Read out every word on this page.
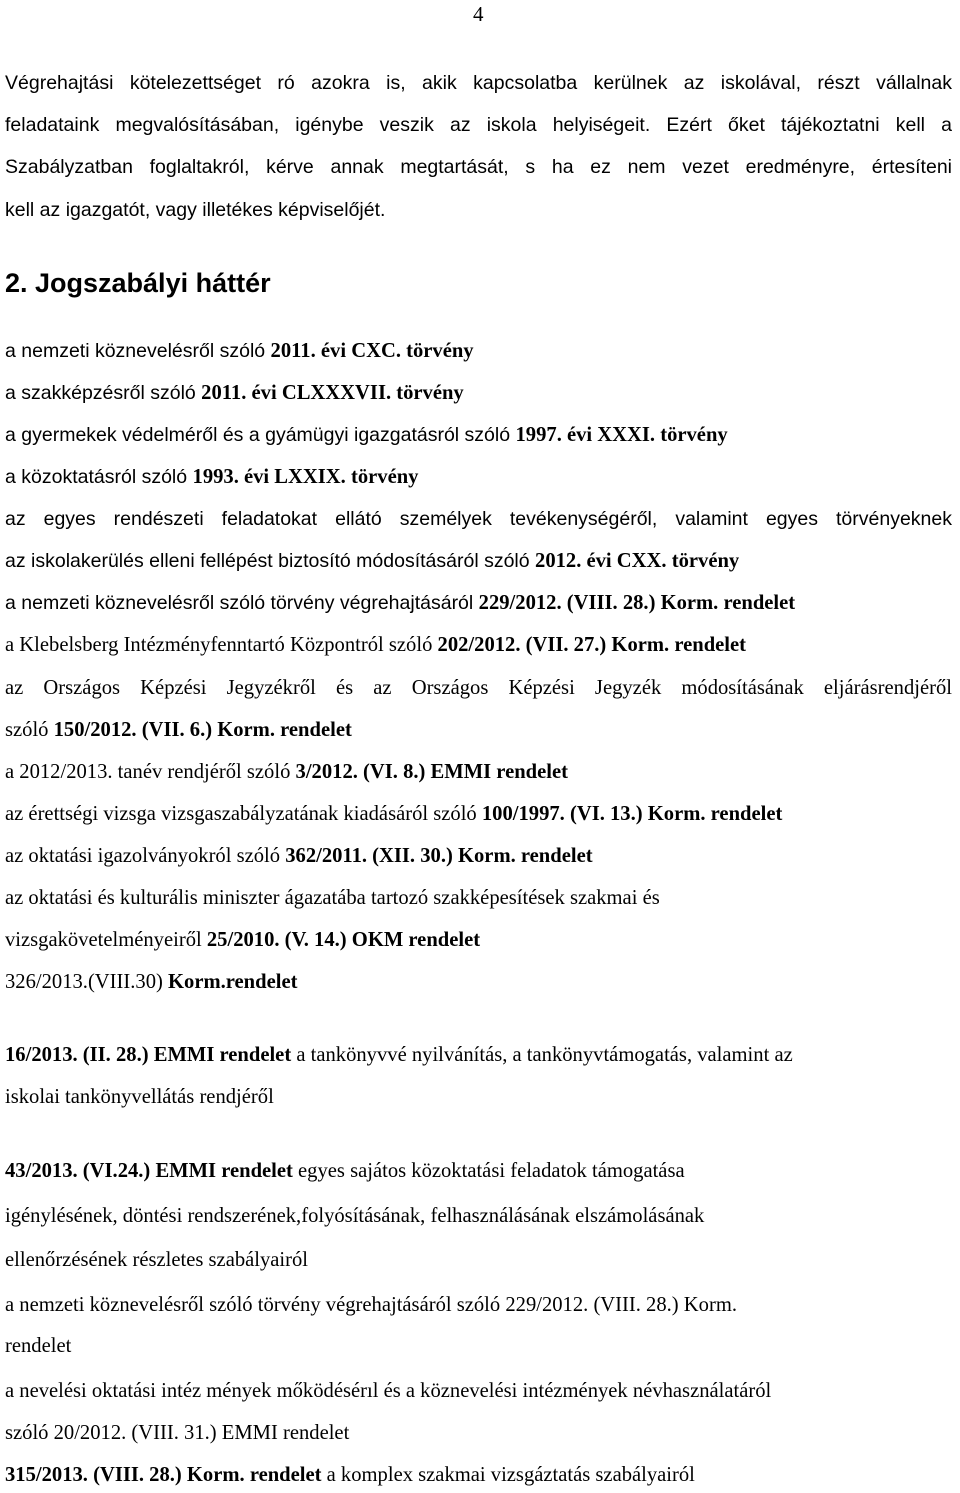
4
Végrehajtási kötelezettséget ró azokra is, akik kapcsolatba kerülnek az iskolával, részt vállalnak
feladataink megvalósításában, igénybe veszik az iskola helyiségeit. Ezért őket tájékoztatni kell a
Szabályzatban foglaltakról, kérve annak megtartását, s ha ez nem vezet eredményre, értesíteni
kell az igazgatót, vagy illetékes képviselőjét.
2. Jogszabályi háttér
a nemzeti köznevelésről szóló 2011. évi CXC. törvény
a szakképzésről szóló 2011. évi CLXXXVII. törvény
a gyermekek védelméről és a gyámügyi igazgatásról szóló 1997. évi XXXI. törvény
a közoktatásról szóló 1993. évi LXXIX. törvény
az egyes rendészeti feladatokat ellátó személyek tevékenységéről, valamint egyes törvényeknek
az iskolakerülés elleni fellépést biztosító módosításáról szóló 2012. évi CXX. törvény
a nemzeti köznevelésről szóló törvény végrehajtásáról 229/2012. (VIII. 28.) Korm. rendelet
a Klebelsberg Intézményfenntartó Központról szóló 202/2012. (VII. 27.) Korm. rendelet
az Országos Képzési Jegyzékről és az Országos Képzési Jegyzék módosításának eljárásrendjéről
szóló 150/2012. (VII. 6.) Korm. rendelet
a 2012/2013. tanév rendjéről szóló 3/2012. (VI. 8.) EMMI rendelet
az érettségi vizsga vizsgaszabályzatának kiadásáról szóló 100/1997. (VI. 13.) Korm. rendelet
az oktatási igazolványokról szóló 362/2011. (XII. 30.) Korm. rendelet
az oktatási és kulturális miniszter ágazatába tartozó szakképesítések szakmai és
vizsgakövetelményeiről 25/2010. (V. 14.) OKM rendelet
326/2013.(VIII.30) Korm.rendelet
16/2013. (II. 28.) EMMI rendelet a tankönyvvé nyilvánítás, a tankönyvtámogatás, valamint az
iskolai tankönyvellátás rendjéről
43/2013. (VI.24.) EMMI rendelet egyes sajátos közoktatási feladatok támogatása
igénylésének, döntési rendszerének,folyósításának, felhasználásának elszámolásának
ellenőrzésének részletes szabályairól
a nemzeti köznevelésről szóló törvény végrehajtásáról szóló 229/2012. (VIII. 28.) Korm.
rendelet
a nevelési oktatási intéz mények mőködésérıl és a köznevelési intézmények névhasználatáról
szóló 20/2012. (VIII. 31.) EMMI rendelet
315/2013. (VIII. 28.) Korm. rendelet a komplex szakmai vizsgáztatás szabályairól
